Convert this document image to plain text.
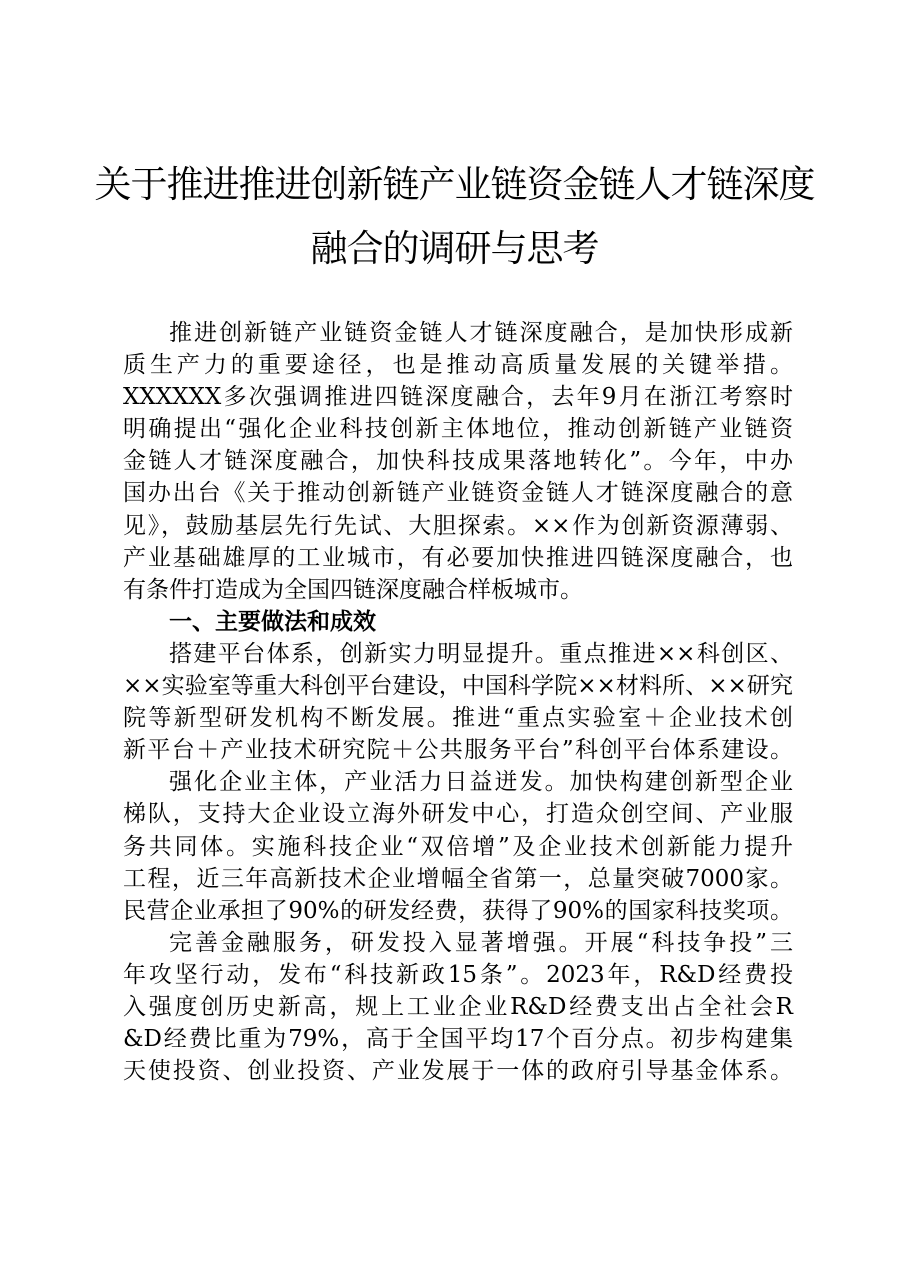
关于推进推进创新链产业链资金链人才链深度
融合的调研与思考
推进创新链产业链资金链人才链深度融合，是加快形成新
质生产力的重要途径，也是推动高质量发展的关键举措。
XXXXXX多次强调推进四链深度融合，去年9月在浙江考察时
明确提出“强化企业科技创新主体地位，推动创新链产业链资
金链人才链深度融合，加快科技成果落地转化”。今年，中办
国办出台《关于推动创新链产业链资金链人才链深度融合的意
见》，鼓励基层先行先试、大胆探索。××作为创新资源薄弱、
产业基础雄厚的工业城市，有必要加快推进四链深度融合，也
有条件打造成为全国四链深度融合样板城市。
一、主要做法和成效
搭建平台体系，创新实力明显提升。重点推进××科创区、
××实验室等重大科创平台建设，中国科学院××材料所、××研究
院等新型研发机构不断发展。推进“重点实验室＋企业技术创
新平台＋产业技术研究院＋公共服务平台”科创平台体系建设。
强化企业主体，产业活力日益迸发。加快构建创新型企业
梯队，支持大企业设立海外研发中心，打造众创空间、产业服
务共同体。实施科技企业“双倍增”及企业技术创新能力提升
工程，近三年高新技术企业增幅全省第一，总量突破7000家。
民营企业承担了90%的研发经费，获得了90%的国家科技奖项。
完善金融服务，研发投入显著增强。开展“科技争投”三
年攻坚行动，发布“科技新政15条”。2023年，R&D经费投
入强度创历史新高，规上工业企业R&D经费支出占全社会R
&D经费比重为79%，高于全国平均17个百分点。初步构建集
天使投资、创业投资、产业发展于一体的政府引导基金体系。
